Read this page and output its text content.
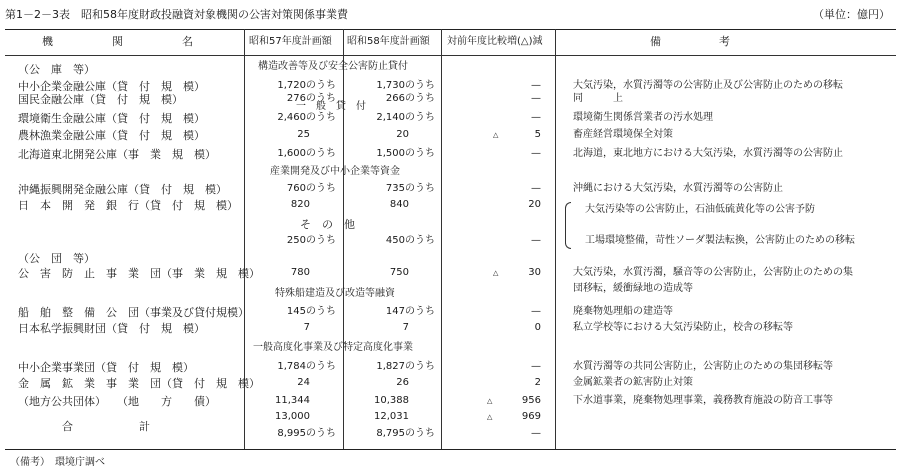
第1－2－3表　昭和58年度財政投融資対象機関の公害対策関係事業費	（単位：億円）
機　関　名	昭和57年度計画額 昭和58年度計画額 対前年度比較増(△)減	備　　考
（公　庫　等）
（公　団　等）
構造改善等及び安全公害防止貸付
一　般　貸　付
産業開発及び中小企業等資金
そ　の　他
特殊船建造及び改造等融資
一般高度化事業及び特定高度化事業
中小企業金融公庫（貸　付　規　模）	1,720のうち	1,730のうち	—	大気汚染，水質汚濁等の公害防止及び公害防止のための移転
国民金融公庫（貸　付　規　模）	276のうち	266のうち	—	同　　　上
環境衛生金融公庫（貸　付　規　模）	2,460のうち	2,140のうち	—	環境衛生関係営業者の汚水処理
農林漁業金融公庫（貸　付　規　模）	25	20	△	5	畜産経営環境保全対策
北海道東北開発公庫（事　業　規　模）	1,600のうち	1,500のうち	—	北海道，東北地方における大気汚染，水質汚濁等の公害防止
沖縄振興開発金融公庫（貸　付　規　模）	760のうち	735のうち	—	沖縄における大気汚染，水質汚濁等の公害防止
日　本　開　発　銀　行（貸　付　規　模）	820	840	20	大気汚染等の公害防止，石油低硫黄化等の公害予防
250のうち	450のうち	—	工場環境整備，苛性ソーダ製法転換，公害防止のための移転
公　害　防　止　事　業　団（事　業　規　模）	780	750	△	30	大気汚染，水質汚濁，騒音等の公害防止，公害防止のための集
団移転，緩衝緑地の造成等
船　舶　整　備　公　団（事業及び貸付規模）	145のうち	147のうち	—	廃棄物処理船の建造等
日本私学振興財団（貸　付　規　模）	7	7	0	私立学校等における大気汚染防止，校舎の移転等
中小企業事業団（貸　付　規　模）	1,784のうち	1,827のうち	—	水質汚濁等の共同公害防止，公害防止のための集団移転等
金　属　鉱　業　事　業　団（貸　付　規　模）	24	26	2	金属鉱業者の鉱害防止対策
（地方公共団体）　　（地　　方　　債）	11,344	10,388	△	956	下水道事業，廃棄物処理事業，義務教育施設の防音工事等
合　　　　　　計
13,000	12,031	△	969
8,995のうち	8,795のうち	—
（備考）　環境庁調べ
